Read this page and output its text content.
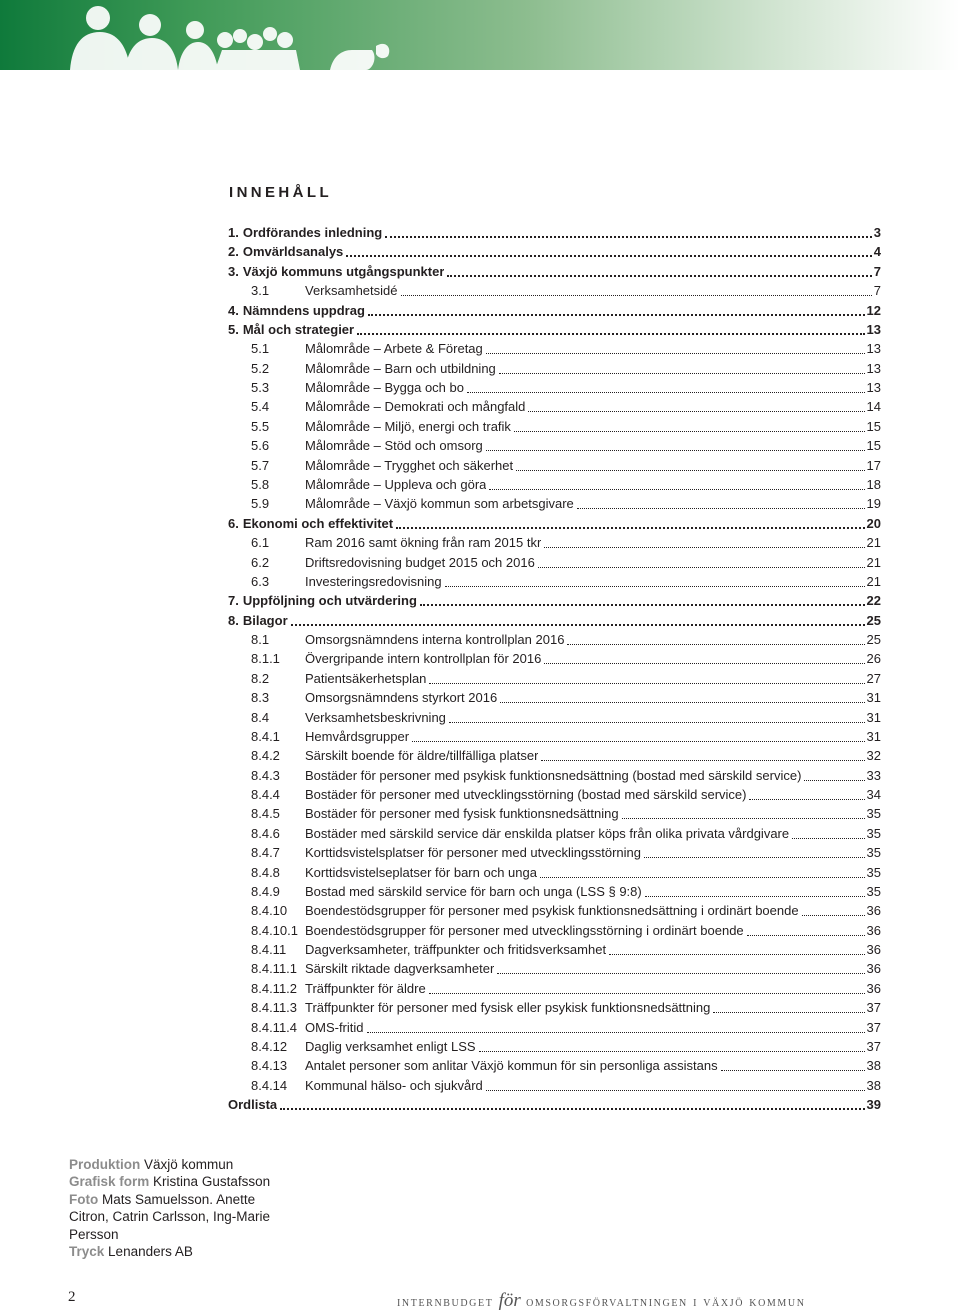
INNEHÅLL
1. Ordförandes inledning	3
2. Omvärldsanalys	4
3. Växjö kommuns utgångspunkter	7
3.1	Verksamhetsidé	7
4. Nämndens uppdrag	12
5. Mål och strategier	13
5.1	Målområde – Arbete & Företag	13
5.2	Målområde – Barn och utbildning	13
5.3	Målområde – Bygga och bo	13
5.4	Målområde – Demokrati och mångfald	14
5.5	Målområde – Miljö, energi och trafik	15
5.6	Målområde – Stöd och omsorg	15
5.7	Målområde – Trygghet och säkerhet	17
5.8	Målområde – Uppleva och göra	18
5.9	Målområde – Växjö kommun som arbetsgivare	19
6. Ekonomi och effektivitet	20
6.1	Ram 2016 samt ökning från ram 2015 tkr	21
6.2	Driftsredovisning budget 2015 och 2016	21
6.3	Investeringsredovisning	21
7. Uppföljning och utvärdering	22
8. Bilagor	25
8.1	Omsorgsnämndens interna kontrollplan 2016	25
8.1.1	Övergripande intern kontrollplan för 2016	26
8.2	Patientsäkerhetsplan	27
8.3	Omsorgsnämndens styrkort 2016	31
8.4	Verksamhetsbeskrivning	31
8.4.1	Hemvårdsgrupper	31
8.4.2	Särskilt boende för äldre/tillfälliga platser	32
8.4.3	Bostäder för personer med psykisk funktionsnedsättning (bostad med särskild service)	33
8.4.4	Bostäder för personer med utvecklingsstörning (bostad med särskild service)	34
8.4.5	Bostäder för personer med fysisk funktionsnedsättning	35
8.4.6	Bostäder med särskild service där enskilda platser köps från olika privata vårdgivare	35
8.4.7	Korttidsvistelsplatser för personer med utvecklingsstörning	35
8.4.8	Korttidsvistelseplatser för barn och unga	35
8.4.9	Bostad med särskild service för barn och unga (LSS § 9:8)	35
8.4.10	Boendestödsgrupper för personer med psykisk funktionsnedsättning i ordinärt boende	36
8.4.10.1 Boendestödsgrupper för personer med utvecklingsstörning i ordinärt boende	36
8.4.11	Dagverksamheter, träffpunkter och fritidsverksamhet	36
8.4.11.1 Särskilt riktade dagverksamheter	36
8.4.11.2 Träffpunkter för äldre	36
8.4.11.3 Träffpunkter för personer med fysisk eller psykisk funktionsnedsättning	37
8.4.11.4 OMS-fritid	37
8.4.12	Daglig verksamhet enligt LSS	37
8.4.13	Antalet personer som anlitar Växjö kommun för sin personliga assistans	38
8.4.14	Kommunal hälso- och sjukvård	38
Ordlista	39
Produktion Växjö kommun
Grafisk form Kristina Gustafsson
Foto Mats Samuelsson. Anette Citron, Catrin Carlsson, Ing-Marie Persson
Tryck Lenanders AB
2	internbudget för omsorgsförvaltningen i växjö kommun
